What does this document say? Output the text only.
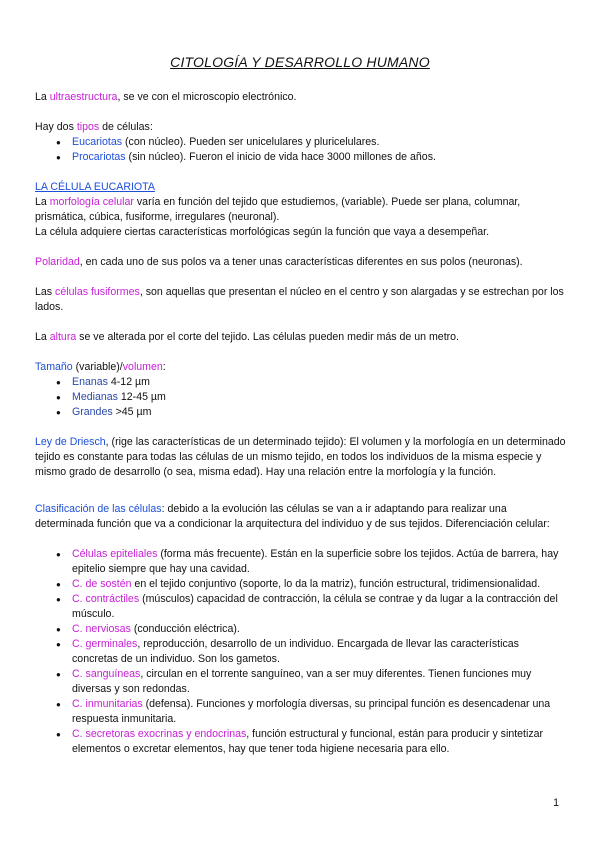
CITOLOGÍA Y DESARROLLO HUMANO

La ultraestructura, se ve con el microscopio electrónico.

Hay dos tipos de células:

● Eucariotas (con núcleo). Pueden ser unicelulares y pluricelulares.
● Procariotas (sin núcleo). Fueron el inicio de vida hace 3000 millones de años.

LA CÉLULA EUCARIOTA

La morfología celular varía en función del tejido que estudiemos, (variable). Puede ser plana, columnar, prismática, cúbica, fusiforme, irregulares (neuronal).
La célula adquiere ciertas características morfológicas según la función que vaya a desempeñar.

Polaridad, en cada uno de sus polos va a tener unas características diferentes en sus polos (neuronas).

Las células fusiformes, son aquellas que presentan el núcleo en el centro y son alargadas y se estrechan por los lados.

La altura se ve alterada por el corte del tejido. Las células pueden medir más de un metro.

Tamaño (variable)/volumen:

● Enanas 4-12 µm
● Medianas 12-45 µm
● Grandes >45 µm

Ley de Driesch, (rige las características de un determinado tejido): El volumen y la morfología en un determinado tejido es constante para todas las células de un mismo tejido, en todos los individuos de la misma especie y mismo grado de desarrollo (o sea, misma edad). Hay una relación entre la morfología y la función.

Clasificación de las células: debido a la evolución las células se van a ir adaptando para realizar una determinada función que va a condicionar la arquitectura del individuo y de sus tejidos. Diferenciación celular:

● Células epiteliales (forma más frecuente). Están en la superficie sobre los tejidos. Actúa de barrera, hay epitelio siempre que hay una cavidad.
● C. de sostén en el tejido conjuntivo (soporte, lo da la matriz), función estructural, tridimensionalidad.
● C. contráctiles (músculos) capacidad de contracción, la célula se contrae y da lugar a la contracción del músculo.
● C. nerviosas (conducción eléctrica).
● C. germinales, reproducción, desarrollo de un individuo. Encargada de llevar las características concretas de un individuo. Son los gametos.
● C. sanguíneas, circulan en el torrente sanguíneo, van a ser muy diferentes. Tienen funciones muy diversas y son redondas.
● C. inmunitarias (defensa). Funciones y morfología diversas, su principal función es desencadenar una respuesta inmunitaria.
● C. secretoras exocrinas y endocrinas, función estructural y funcional, están para producir y sintetizar elementos o excretar elementos, hay que tener toda higiene necesaria para ello.
1
